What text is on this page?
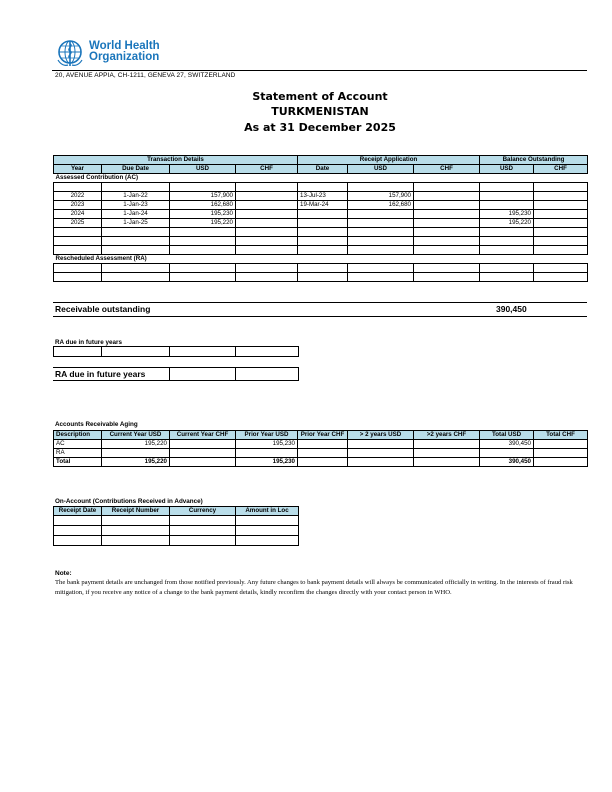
World Health
Organization
20, AVENUE APPIA, CH-1211, GENEVA 27, SWITZERLAND
Statement of Account
TURKMENISTAN
As at 31 December 2025
Transaction Details				Receipt Application			Balance Outstanding	
Year	Due Date	USD	CHF	Date	USD	CHF	USD	CHF
Assessed Contribution (AC)								

2022	1-Jan-22	157,900		13-Jul-23	157,900			
2023	1-Jan-23	162,680		19-Mar-24	162,680			
2024	1-Jan-24	195,230					195,230	
2025	1-Jan-25	195,220					195,220	

Rescheduled Assessment (RA)								

Receivable outstanding	390,450
RA due in future years

RA due in future years		
Accounts Receivable Aging
Description	Current Year USD	Current Year CHF	Prior Year USD	Prior Year CHF	> 2 years USD	>2 years CHF	Total USD	Total CHF
AC	195,220		195,230				390,450	
RA								
Total	195,220		195,230				390,450	
On-Account (Contributions Received in Advance)
Receipt Date	Receipt Number	Currency	Amount in Loc

Note:
The bank payment details are unchanged from those notified previously. Any future changes to bank payment details will always be communicated officially in writing. In the interests of fraud risk mitigation, if you receive any notice of a change to the bank payment details, kindly reconfirm the changes directly with your contact person in WHO.
